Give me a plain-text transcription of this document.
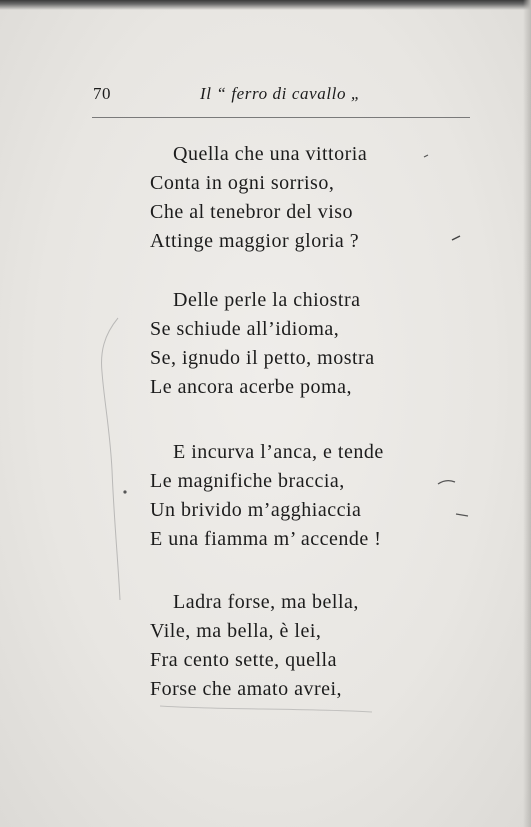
70	Il “ ferro di cavallo „
Quella che una vittoria
Conta in ogni sorriso,
Che al tenebror del viso
Attinge maggior gloria ?
Delle perle la chiostra
Se schiude all’idioma,
Se, ignudo il petto, mostra
Le ancora acerbe poma,
E incurva l’anca, e tende
Le magnifiche braccia,
Un brivido m’agghiaccia
E una fiamma m’ accende !
Ladra forse, ma bella,
Vile, ma bella, è lei,
Fra cento sette, quella
Forse che amato avrei,
